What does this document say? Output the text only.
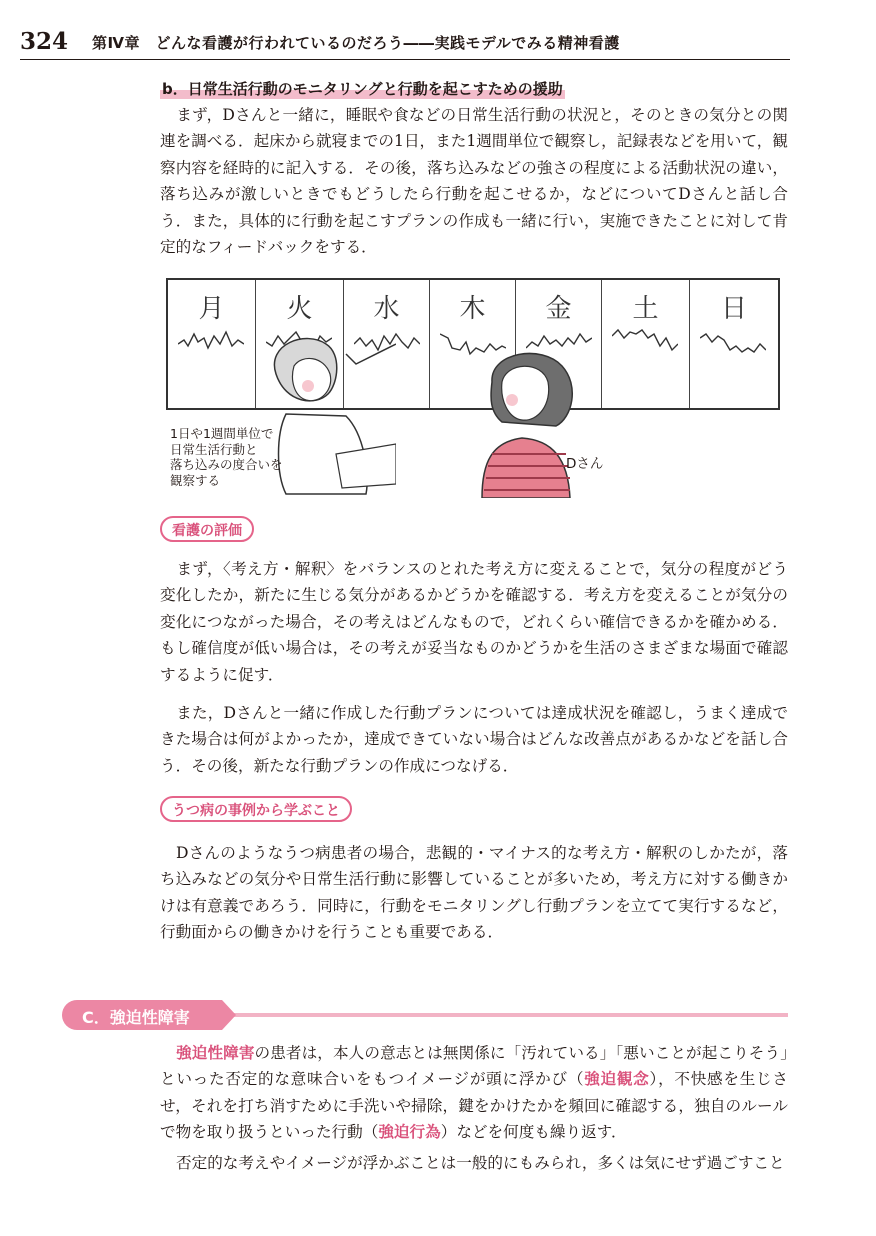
324 第Ⅳ章　どんな看護が行われているのだろう――実践モデルでみる精神看護
b．日常生活行動のモニタリングと行動を起こすための援助

まず，Dさんと一緒に，睡眠や食などの日常生活行動の状況と，そのときの気分との関連を調べる．起床から就寝までの1日，また1週間単位で観察し，記録表などを用いて，観察内容を経時的に記入する．その後，落ち込みなどの強さの程度による活動状況の違い，落ち込みが激しいときでもどうしたら行動を起こせるか，などについてDさんと話し合う．また，具体的に行動を起こすプランの作成も一緒に行い，実施できたことに対して肯定的なフィードバックをする．

月	火	水	木	金	土	日
1日や1週間単位で
日常生活行動と
落ち込みの度合いを
観察する
Dさん
看護の評価

まず，〈考え方・解釈〉をバランスのとれた考え方に変えることで，気分の程度がどう変化したか，新たに生じる気分があるかどうかを確認する．考え方を変えることが気分の変化につながった場合，その考えはどんなもので，どれくらい確信できるかを確かめる．もし確信度が低い場合は，その考えが妥当なものかどうかを生活のさまざまな場面で確認するように促す．

また，Dさんと一緒に作成した行動プランについては達成状況を確認し，うまく達成できた場合は何がよかったか，達成できていない場合はどんな改善点があるかなどを話し合う．その後，新たな行動プランの作成につなげる．

うつ病の事例から学ぶこと

Dさんのようなうつ病患者の場合，悲観的・マイナス的な考え方・解釈のしかたが，落ち込みなどの気分や日常生活行動に影響していることが多いため，考え方に対する働きかけは有意義であろう．同時に，行動をモニタリングし行動プランを立てて実行するなど，行動面からの働きかけを行うことも重要である．

C．強迫性障害

強迫性障害の患者は，本人の意志とは無関係に「汚れている」「悪いことが起こりそう」といった否定的な意味合いをもつイメージが頭に浮かび（強迫観念），不快感を生じさせ，それを打ち消すために手洗いや掃除，鍵をかけたかを頻回に確認する，独自のルールで物を取り扱うといった行動（強迫行為）などを何度も繰り返す．

否定的な考えやイメージが浮かぶことは一般的にもみられ，多くは気にせず過ごすこと
